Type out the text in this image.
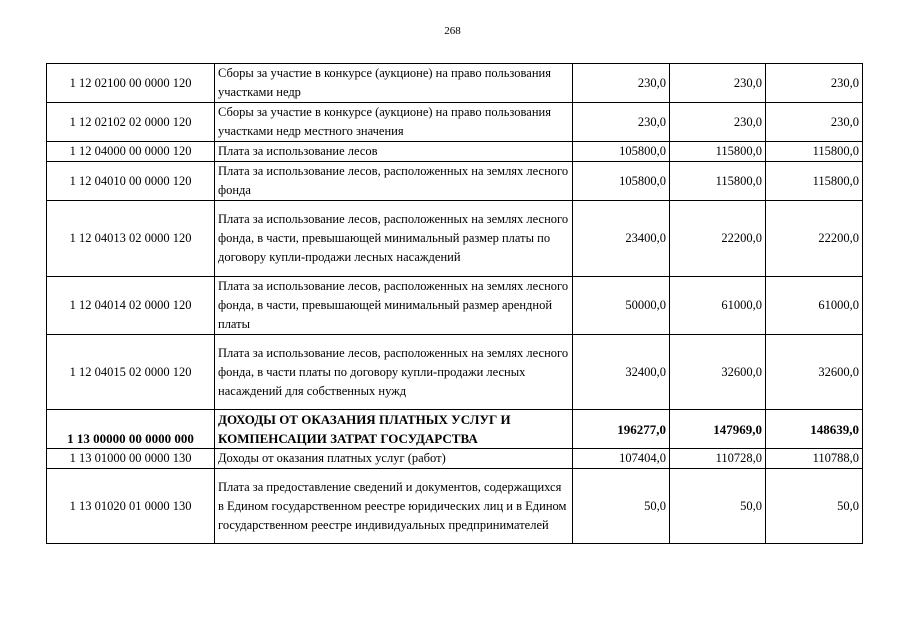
268
1 12 02100 00 0000 120	Сборы за участие в конкурсе (аукционе) на право пользования участками недр	230,0	230,0	230,0
1 12 02102 02 0000 120	Сборы за участие в конкурсе (аукционе) на право пользования участками недр местного значения	230,0	230,0	230,0
1 12 04000 00 0000 120	Плата за использование лесов	105800,0	115800,0	115800,0
1 12 04010 00 0000 120	Плата за использование лесов, расположенных на землях лесного фонда	105800,0	115800,0	115800,0
1 12 04013 02 0000 120	Плата за использование лесов, расположенных на землях лесного фонда, в части, превышающей минимальный размер платы по договору купли-продажи лесных насаждений	23400,0	22200,0	22200,0
1 12 04014 02 0000 120	Плата за использование лесов, расположенных на землях лесного фонда, в части, превышающей минимальный размер арендной платы	50000,0	61000,0	61000,0
1 12 04015 02 0000 120	Плата за использование лесов, расположенных на землях лесного фонда, в части платы по договору купли-продажи лесных насаждений для собственных нужд	32400,0	32600,0	32600,0
1 13 00000 00 0000 000	ДОХОДЫ ОТ ОКАЗАНИЯ ПЛАТНЫХ УСЛУГ И КОМПЕНСАЦИИ ЗАТРАТ ГОСУДАРСТВА	196277,0	147969,0	148639,0
1 13 01000 00 0000 130	Доходы от оказания платных услуг (работ)	107404,0	110728,0	110788,0
1 13 01020 01 0000 130	Плата за предоставление сведений и документов, содержащихся в Едином государственном реестре юридических лиц и в Едином государственном реестре индивидуальных предпринимателей	50,0	50,0	50,0
